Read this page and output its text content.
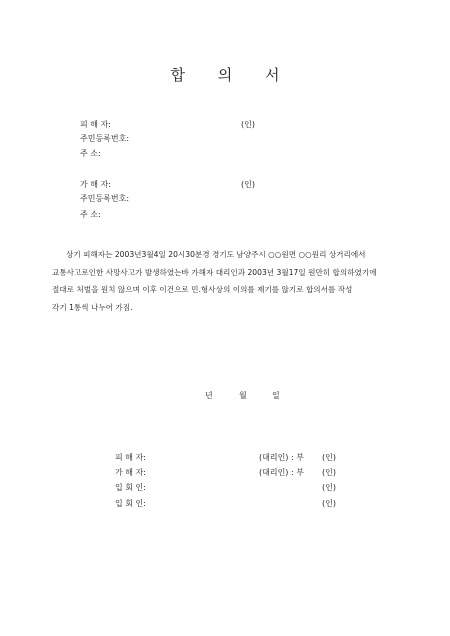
합 의 서
피 해 자:	(인)
주민등록번호:
주 소:
가 해 자:	(인)
주민등록번호:
주 소:
상기 피해자는 2003년3월4일 20시30분경 경기도 남양주시 ○○원면 ○○원리 상거리에서
교통사고로인한 사망사고가 발생하였는바 가해자 대리인과 2003년 3월17일 원만히 합의하였기에
절대로 처벌을 원치 않으며 이후 이건으로 민.형사상의 이의를 제기를 않기로 합의서를 작성
각기 1통씩 나누어 가짐.
년	월	일
피 해 자:	(대리인) : 부 (인)
가 해 자:	(대리인) : 부 (인)
입 회 인:	(인)
입 회 인:	(인)
